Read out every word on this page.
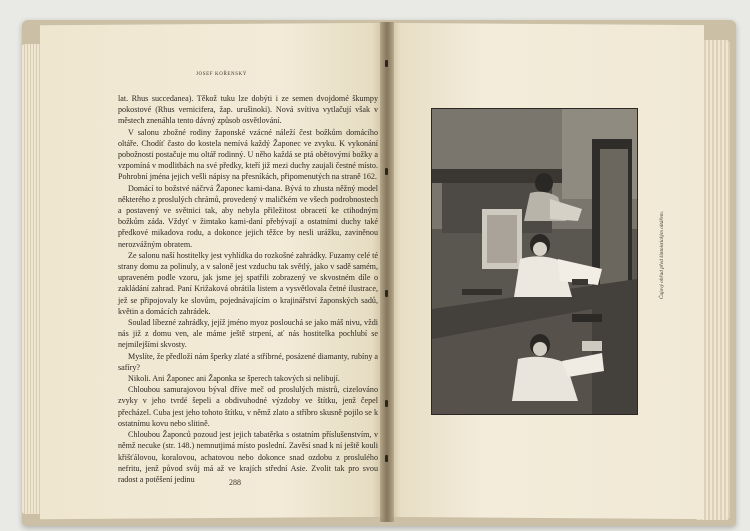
JOSEF KOŘENSKÝ

lat. Rhus succedanea). Těkož tuku lze dobýti i ze semen dvojdomé škumpy pokostové (Rhus vernicifera, žap. urušinoki). Nová svítiva vytlačují však v městech znenáhla tento dávný způsob osvětlování.

V salonu zbožné rodiny žaponské vzácné náleží čest božkům domácího oltáře. Chodíť často do kostela nemívá každý Žaponec ve zvyku. K vykonání pobožnosti postačuje mu oltář rodinný. U něho každá se ptá obětovými božky a vzpomíná v modlitbách na své předky, kteří již mezi duchy zaujali čestné místo. Pohrobní jména jejich vešli nápisy na přesníkách, připomenutých na straně 162.

Domácí to božstvé náčrvá Žaponec kami-dana. Bývá to zhusta něžný model některého z proslulých chrámů, provedený v maličkém ve všech podrobnostech a postavený ve světnici tak, aby nebyla přiležitost obracetí ke ctihodným božkům záda. Vždyť v žimtako kami-daní přebývají a ostatními duchy také předkové mikadova rodu, a dokonce jejich těžce by nesli urážku, zaviněnou nerozvážným obratem.

Ze salonu naší hostitelky jest vyhlídka do rozkošné zahrádky. Fuzamy celé té strany domu za polinuly, a v saloně jest vzduchu tak světlý, jako v sadě samém, upraveném podle vzoru, jak jsme jej spatřili zobrazený ve skvostném díle o zakládání zahrad. Paní Križaková obrátila listem a vysvětlovala četné ilustrace, jež se připojovaly ke slovům, pojednávajícím o krajinářství žaponských sadů, květin a domácích zahrádek.

Soulad líbezné zahrádky, jejíž jméno myoz poslouchá se jako máš nivu, vždi nás již z domu ven, ale máme ještě strpení, ať nás hostitelka pochlubí se nejmilejšími skvosty.

Myslíte, že předloží nám šperky zlaté a stříbrné, posázené diamanty, rubíny a safíry?

Nikoli. Ani Žaponec ani Žaponka se šperech takových si nelibují.

Chloubou samurajovou býval dříve meč od proslulých mistrů, cizelováno zvyky v jeho tvrdé šepeli a obdivuhodné výzdoby ve štítku, jenž čepel přecházel. Cuba jest jeho tohoto štítku, v němž zlato a stříbro skusně pojilo se k ostatnímu kovu nebo slitině.

Chloubou Žaponců pozoud jest jejich tabatěrka s ostatním příslušenstvím, v němž necuke (str. 148.) nemnutjimá místo poslední. Zavěsí snad k ní ještě kouli křišťálovou, koralovou, achatovou nebo dokonce snad ozdobu z proslulého nefritu, jenž původ svůj má až ve krajích střední Asie. Zvolit tak pro svou radost a potěšení jedinu	288
Čajový obřad před šintoistickým oltářem.
